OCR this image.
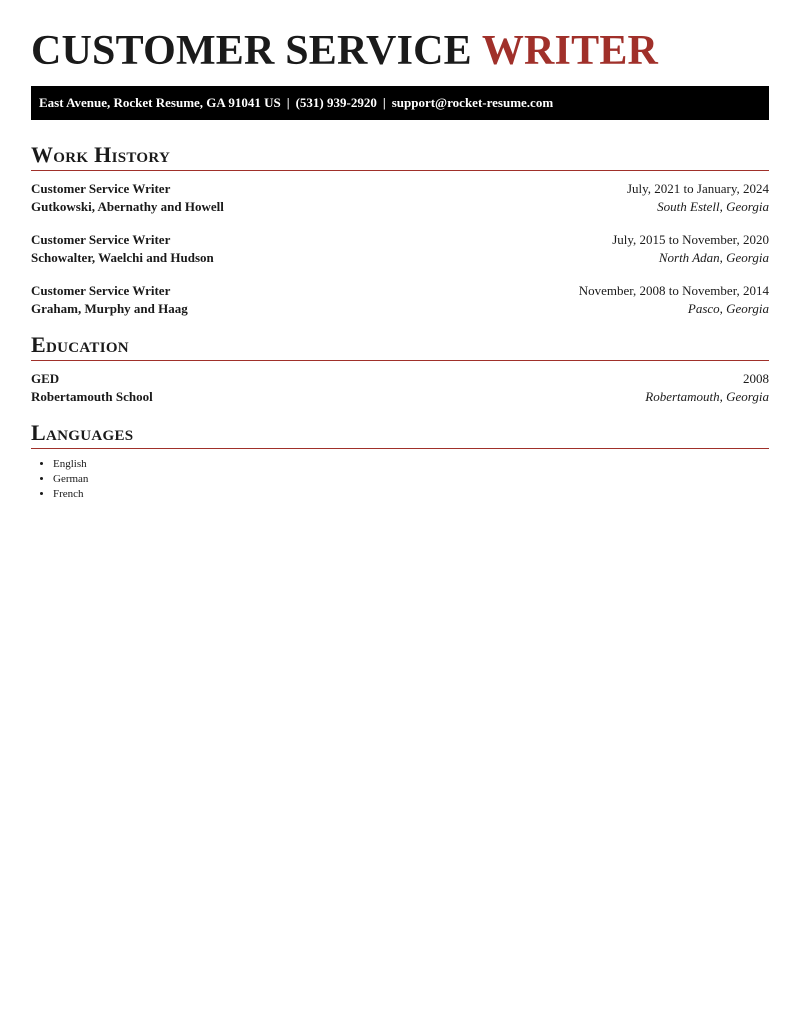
CUSTOMER SERVICE WRITER
East Avenue, Rocket Resume, GA 91041 US | (531) 939-2920 | support@rocket-resume.com
Work History
Customer Service Writer	July, 2021 to January, 2024
Gutkowski, Abernathy and Howell	South Estell, Georgia
Customer Service Writer	July, 2015 to November, 2020
Schowalter, Waelchi and Hudson	North Adan, Georgia
Customer Service Writer	November, 2008 to November, 2014
Graham, Murphy and Haag	Pasco, Georgia
Education
GED	2008
Robertamouth School	Robertamouth, Georgia
Languages
• English
• German
• French
